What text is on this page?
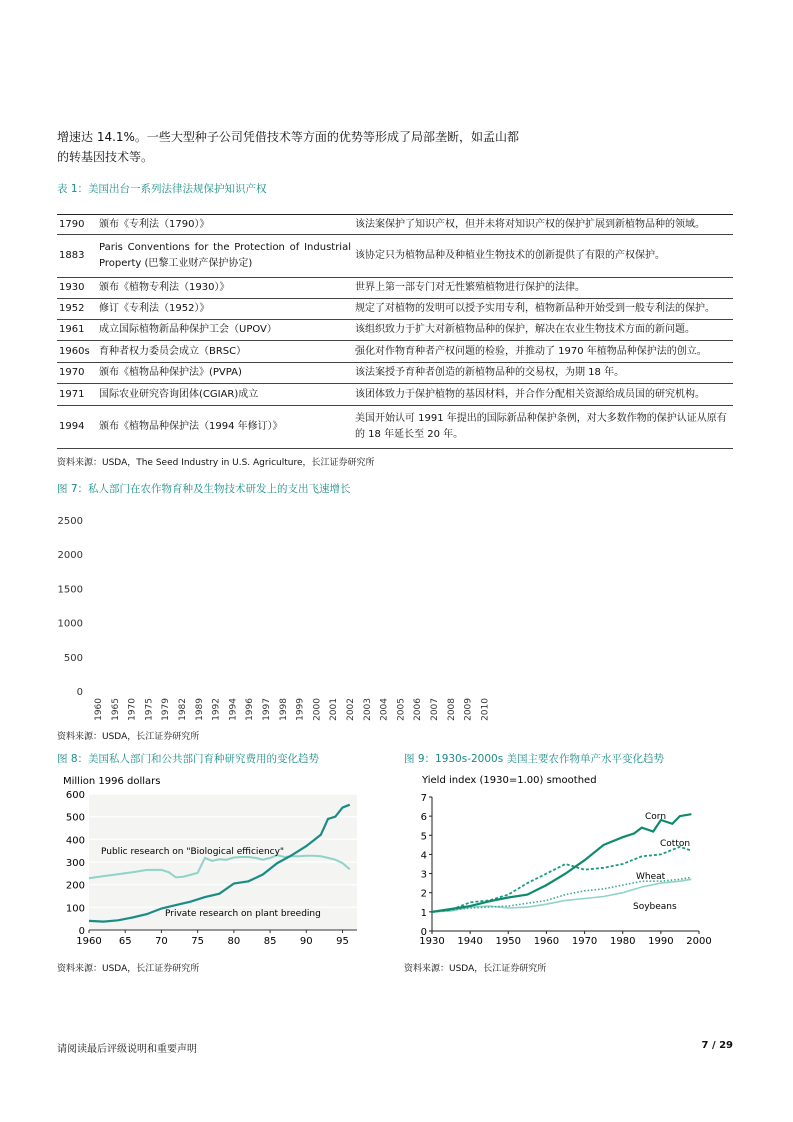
增速达 14.1%。一些大型种子公司凭借技术等方面的优势等形成了局部垄断，如孟山都
的转基因技术等。
表 1：美国出台一系列法律法规保护知识产权
1790	颁布《专利法（1790）》	该法案保护了知识产权，但并未将对知识产权的保护扩展到新植物品种的领域。
1883	Paris Conventions for the Protection of Industrial Property (巴黎工业财产保护协定)	该协定只为植物品种及种植业生物技术的创新提供了有限的产权保护。
1930	颁布《植物专利法（1930）》	世界上第一部专门对无性繁殖植物进行保护的法律。
1952	修订《专利法（1952）》	规定了对植物的发明可以授予实用专利，植物新品种开始受到一般专利法的保护。
1961	成立国际植物新品种保护工会（UPOV）	该组织致力于扩大对新植物品种的保护，解决在农业生物技术方面的新问题。
1960s	育种者权力委员会成立（BRSC）	强化对作物育种者产权问题的检验，并推动了 1970 年植物品种保护法的创立。
1970	颁布《植物品种保护法》(PVPA)	该法案授予育种者创造的新植物品种的交易权，为期 18 年。
1971	国际农业研究咨询团体(CGIAR)成立	该团体致力于保护植物的基因材料，并合作分配相关资源给成员国的研究机构。
1994	颁布《植物品种保护法（1994 年修订）》	美国开始认可 1991 年提出的国际新品种保护条例，对大多数作物的保护认证从原有的 18 年延长至 20 年。
资料来源：USDA，The Seed Industry in U.S. Agriculture，长江证券研究所
图 7：私人部门在农作物育种及生物技术研发上的支出飞速增长
0
500
1000
1500
2000
2500
1960 1965 1970 1975 1979 1982 1989 1992 1994 1996 1997 1998 1999 2000 2001 2002 2003 2004 2005 2006 2007 2008 2009 2010
资料来源：USDA，长江证券研究所
图 8：美国私人部门和公共部门育种研究费用的变化趋势
Million 1996 dollars
0
100
200
300
400
500
600
1960 65 70 75 80 85 90 95
Public research on "Biological efficiency"
Private research on plant breeding
资料来源：USDA，长江证券研究所
图 9：1930s-2000s 美国主要农作物单产水平变化趋势
Yield index (1930=1.00) smoothed
0
1
2
3
4
5
6
7
1930 1940 1950 1960 1970 1980 1990 2000
Corn
Cotton
Wheat
Soybeans
资料来源：USDA，长江证券研究所
请阅读最后评级说明和重要声明	7 / 29
